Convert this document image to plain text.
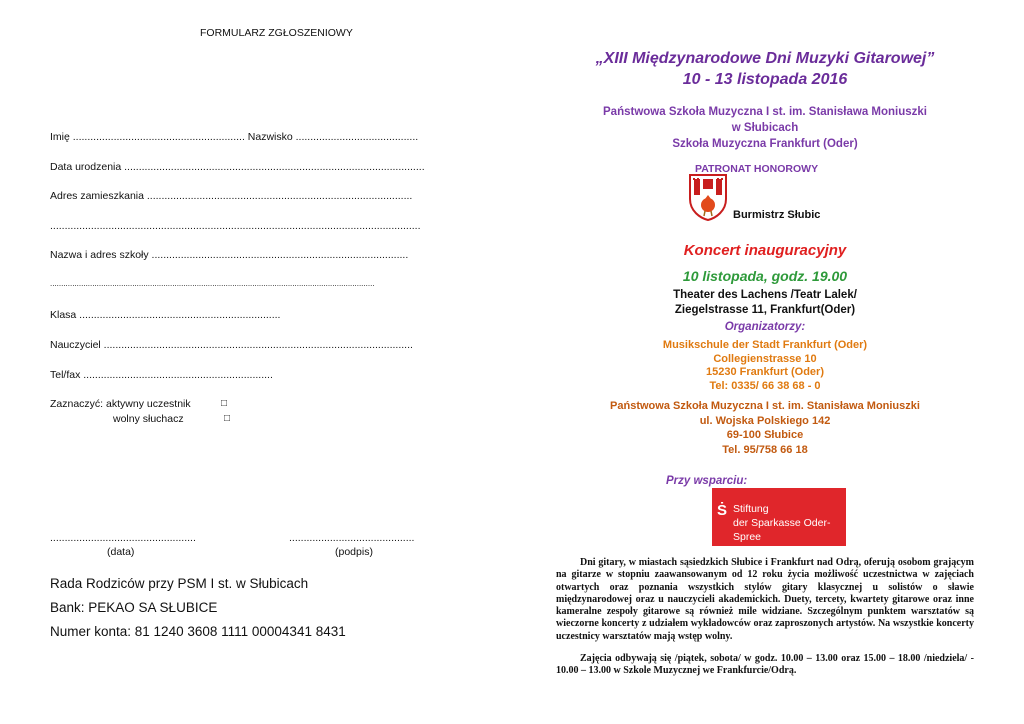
FORMULARZ ZGŁOSZENIOWY
Imię ........................................................... Nazwisko ..........................................
Data urodzenia .......................................................................................................
Adres zamieszkania ...........................................................................................
...............................................................................................................................
Nazwa i adres szkoły ........................................................................................
..................................................................................................................................................
Klasa .....................................................................
Nauczyciel ..........................................................................................................
Tel/fax .................................................................
Zaznaczyć: aktywny uczestnik	□
wolny słuchacz	□
..................................................	...........................................
(data)	(podpis)
Rada Rodziców przy PSM I st. w Słubicach
Bank: PEKAO SA SŁUBICE
Numer konta: 81 1240 3608 1111 00004341 8431
„XIII Międzynarodowe Dni Muzyki Gitarowej”
10 - 13 listopada 2016
Państwowa Szkoła Muzyczna I st. im. Stanisława Moniuszki
w Słubicach
Szkoła Muzyczna Frankfurt (Oder)
PATRONAT HONOROWY
Burmistrz Słubic
Koncert inauguracyjny
10 listopada, godz. 19.00
Theater des Lachens /Teatr Lalek/
Ziegelstrasse 11, Frankfurt(Oder)
Organizatorzy:
Musikschule der Stadt Frankfurt (Oder)
Collegienstrasse 10
15230 Frankfurt (Oder)
Tel: 0335/ 66 38 68 - 0
Państwowa Szkoła Muzyczna I st. im. Stanisława Moniuszki
ul. Wojska Polskiego 142
69-100 Słubice
Tel. 95/758 66 18
Przy wsparciu:
Ṡ Stiftung
der Sparkasse Oder-Spree

Dni gitary, w miastach sąsiedzkich Słubice i Frankfurt nad Odrą, oferują osobom grającym na gitarze w stopniu zaawansowanym od 12 roku życia możliwość uczestnictwa w zajęciach otwartych oraz poznania wszystkich stylów gitary klasycznej u solistów o sławie międzynarodowej oraz u nauczycieli akademickich. Duety, tercety, kwartety gitarowe oraz inne kameralne zespoły gitarowe są również mile widziane. Szczególnym punktem warsztatów są wieczorne koncerty z udziałem wykładowców oraz zaproszonych artystów. Na wszystkie koncerty uczestnicy warsztatów mają wstęp wolny.

Zajęcia odbywają się /piątek, sobota/ w godz. 10.00 – 13.00 oraz 15.00 – 18.00 /niedziela/ - 10.00 – 13.00 w Szkole Muzycznej we Frankfurcie/Odrą.
